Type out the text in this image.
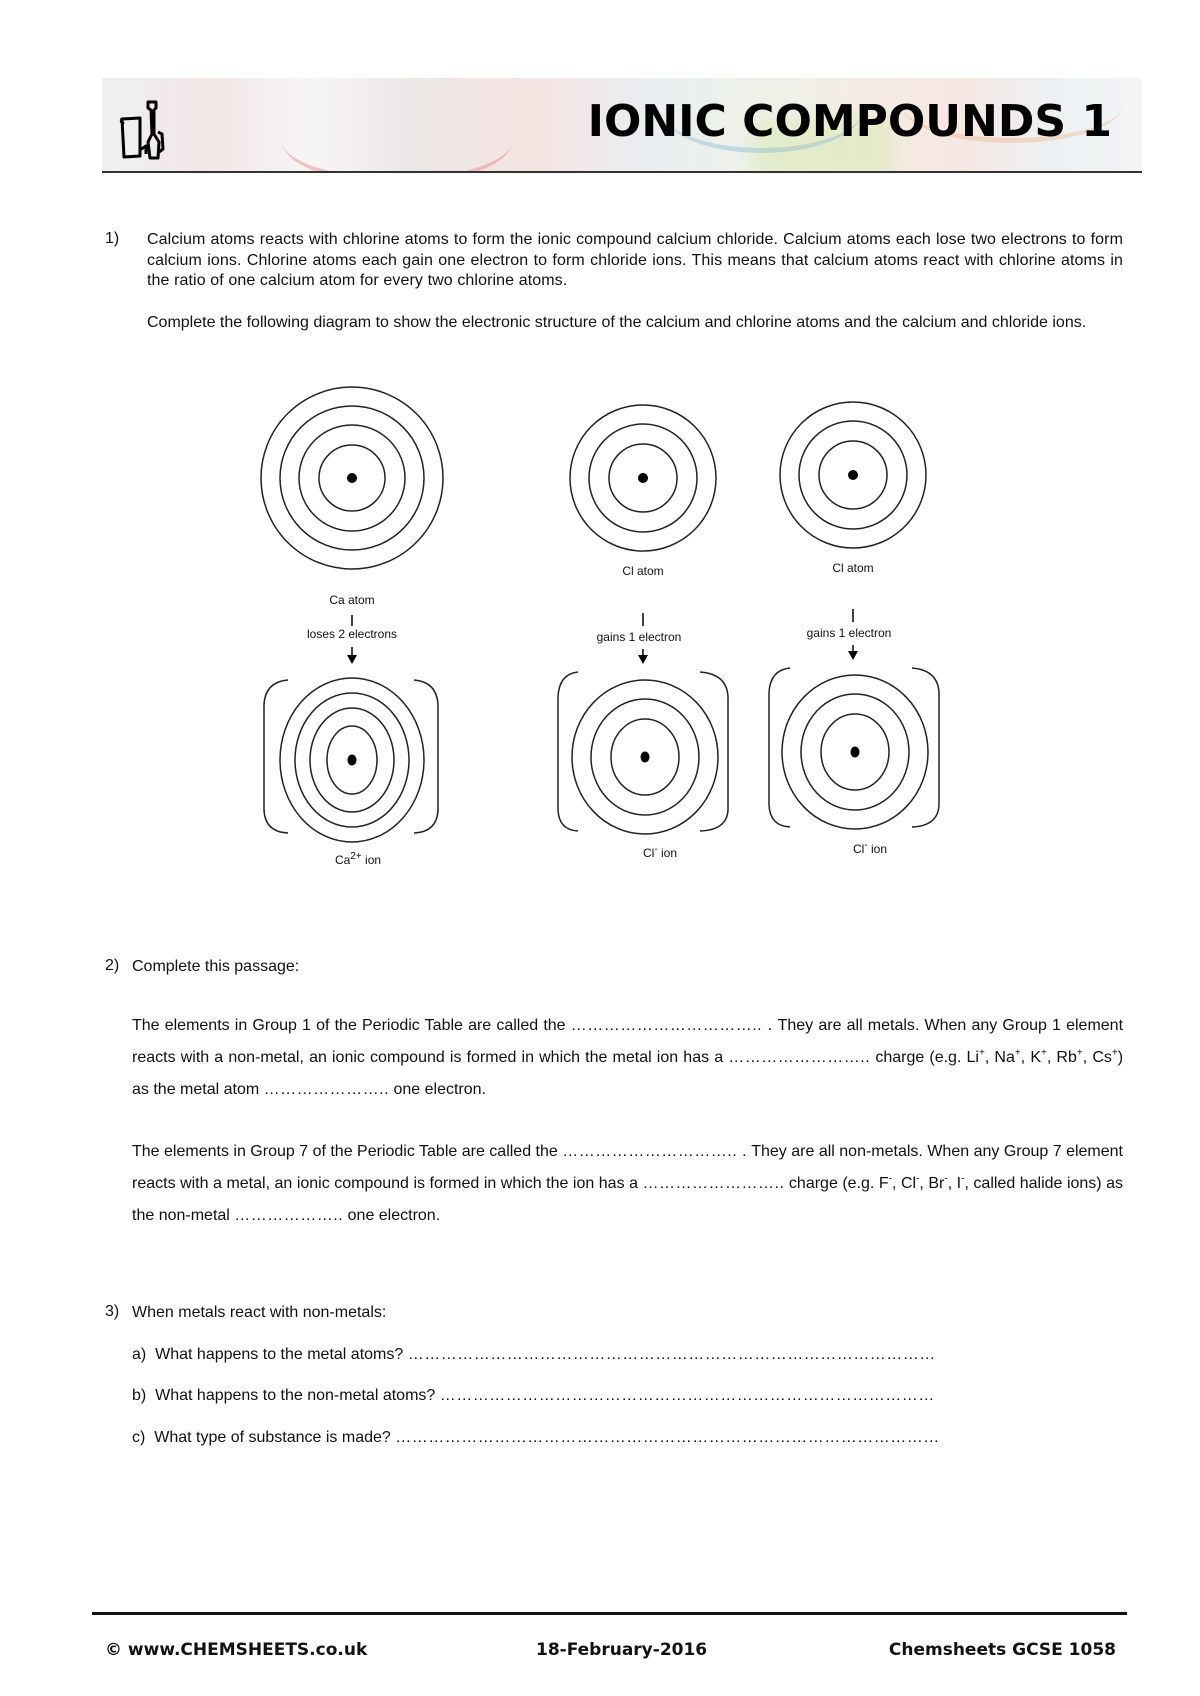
IONIC COMPOUNDS 1
1) Calcium atoms reacts with chlorine atoms to form the ionic compound calcium chloride. Calcium atoms each lose two electrons to form calcium ions. Chlorine atoms each gain one electron to form chloride ions. This means that calcium atoms react with chlorine atoms in the ratio of one calcium atom for every two chlorine atoms.
Complete the following diagram to show the electronic structure of the calcium and chlorine atoms and the calcium and chloride ions.
Ca atom
loses 2 electrons
$Ca^{2+}$ ion
Cl atom
gains 1 electron
Cl- ion
Cl atom
gains 1 electron
Cl- ion
2) Complete this passage:
The elements in Group 1 of the Periodic Table are called the …………………………….. . They are all metals. When any Group 1 element reacts with a non-metal, an ionic compound is formed in which the metal ion has a …………………….. charge (e.g. Li+, Na+, K+, Rb+, Cs+) as the metal atom ………………….. one electron.
The elements in Group 7 of the Periodic Table are called the ………………………….. . They are all non-metals. When any Group 7 element reacts with a metal, an ionic compound is formed in which the ion has a …………………….. charge (e.g. F-, Cl-, Br-, I-, called halide ions) as the non-metal ……………….. one electron.
3) When metals react with non-metals:
a) What happens to the metal atoms? ……………………………………………………………………………………
b) What happens to the non-metal atoms? ………………………………………………………………………………
c) What type of substance is made? ………………………………………………………………………………………
© www.CHEMSHEETS.co.uk	18-February-2016	Chemsheets GCSE 1058
